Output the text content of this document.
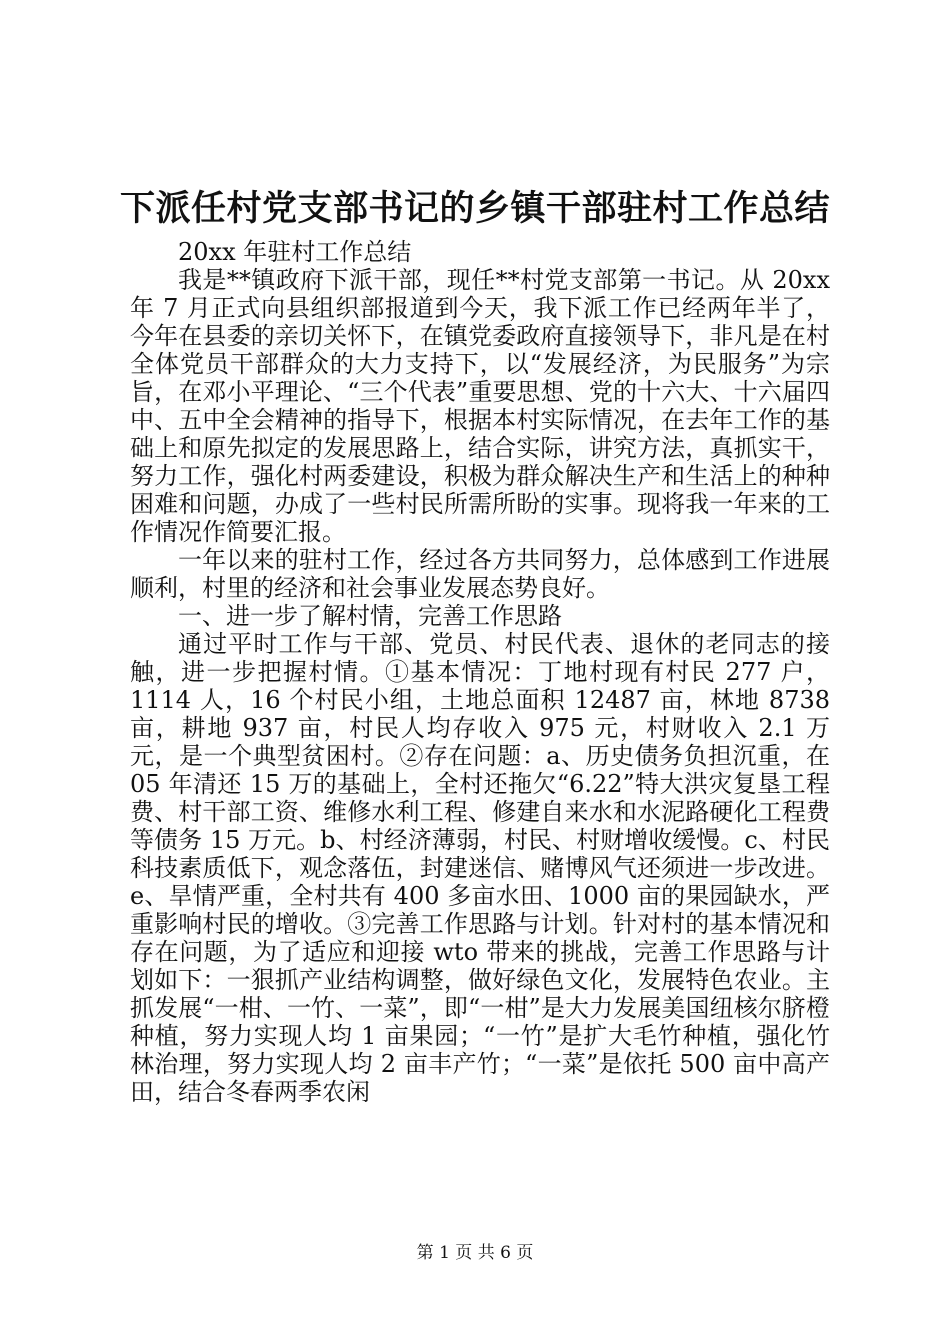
下派任村党支部书记的乡镇干部驻村工作总结

20xx 年驻村工作总结

我是**镇政府下派干部，现任**村党支部第一书记。从 20xx 年 7 月正式向县组织部报道到今天，我下派工作已经两年半了，今年在县委的亲切关怀下，在镇党委政府直接领导下，非凡是在村全体党员干部群众的大力支持下，以“发展经济，为民服务”为宗旨，在邓小平理论、“三个代表”重要思想、党的十六大、十六届四中、五中全会精神的指导下，根据本村实际情况，在去年工作的基础上和原先拟定的发展思路上，结合实际，讲究方法，真抓实干，努力工作，强化村两委建设，积极为群众解决生产和生活上的种种困难和问题，办成了一些村民所需所盼的实事。现将我一年来的工作情况作简要汇报。

一年以来的驻村工作，经过各方共同努力，总体感到工作进展顺利，村里的经济和社会事业发展态势良好。

一、进一步了解村情，完善工作思路

通过平时工作与干部、党员、村民代表、退休的老同志的接触，进一步把握村情。①基本情况：丁地村现有村民 277 户，1114 人，16 个村民小组，土地总面积 12487 亩，林地 8738 亩，耕地 937 亩，村民人均存收入 975 元，村财收入 2.1 万元，是一个典型贫困村。②存在问题：a、历史债务负担沉重，在 05 年清还 15 万的基础上，全村还拖欠“6.22”特大洪灾复垦工程费、村干部工资、维修水利工程、修建自来水和水泥路硬化工程费等债务 15 万元。b、村经济薄弱，村民、村财增收缓慢。c、村民科技素质低下，观念落伍，封建迷信、赌博风气还须进一步改进。e、旱情严重，全村共有 400 多亩水田、1000 亩的果园缺水，严重影响村民的增收。③完善工作思路与计划。针对村的基本情况和存在问题，为了适应和迎接 wto 带来的挑战，完善工作思路与计划如下：一狠抓产业结构调整，做好绿色文化，发展特色农业。主抓发展“一柑、一竹、一菜”，即“一柑”是大力发展美国纽核尔脐橙种植，努力实现人均 1 亩果园；“一竹”是扩大毛竹种植，强化竹林治理，努力实现人均 2 亩丰产竹；“一菜”是依托 500 亩中高产田，结合冬春两季农闲

第 1 页 共 6 页
